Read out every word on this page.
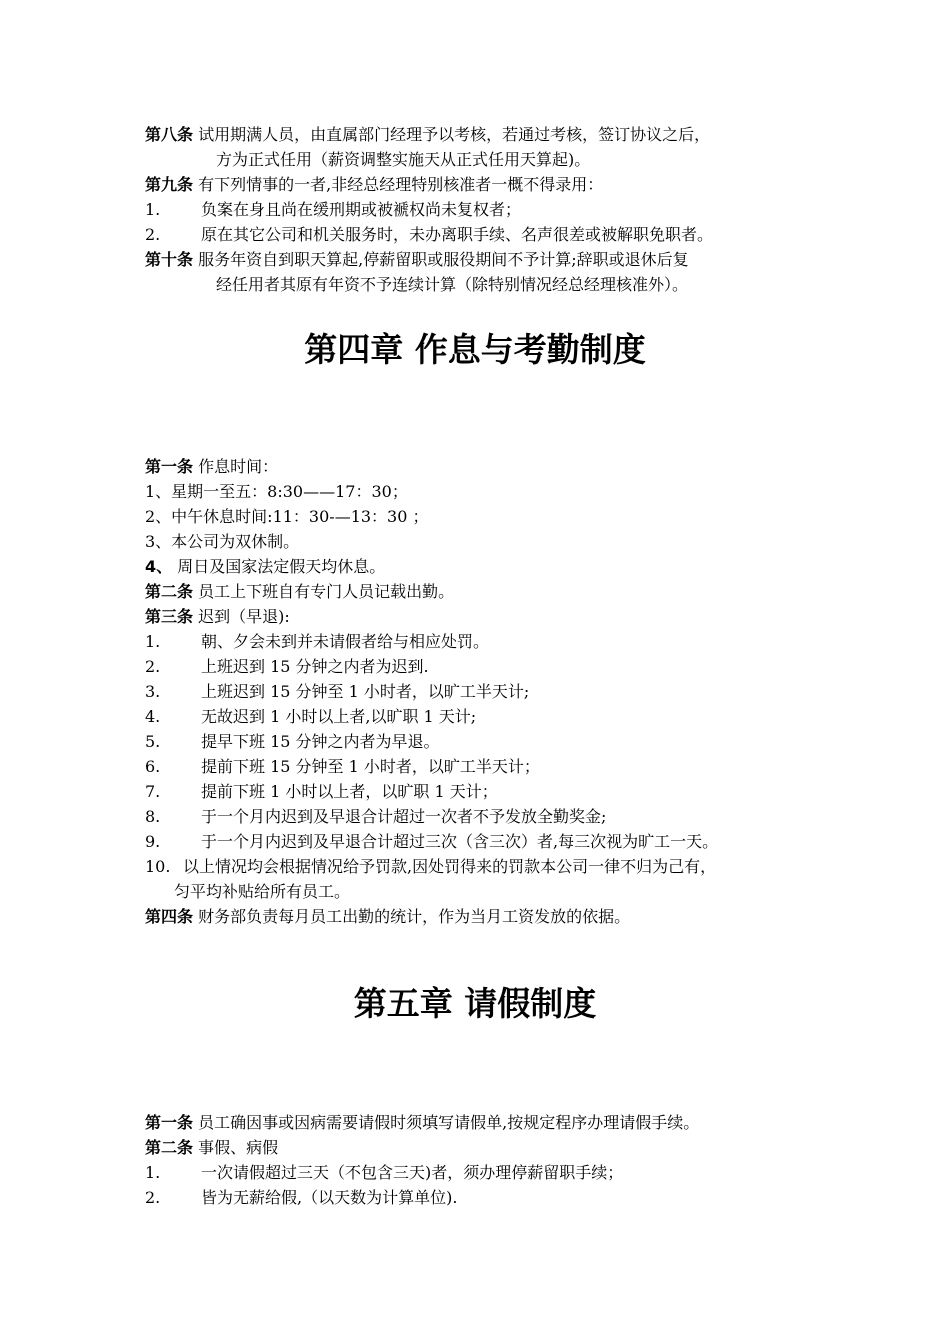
第八条 试用期满人员，由直属部门经理予以考核，若通过考核，签订协议之后，
方为正式任用（薪资调整实施天从正式任用天算起)。
第九条 有下列情事的一者,非经总经理特别核准者一概不得录用：
1.	负案在身且尚在缓刑期或被褫权尚未复权者；
2.	原在其它公司和机关服务时，未办离职手续、名声很差或被解职免职者。
第十条 服务年资自到职天算起,停薪留职或服役期间不予计算;辞职或退休后复
经任用者其原有年资不予连续计算（除特别情况经总经理核准外）。
第四章 作息与考勤制度
第一条 作息时间：
1、星期一至五：8:30——17：30；
2、中午休息时间:11：30-—13：30 ；
3、本公司为双休制。
4、 周日及国家法定假天均休息。
第二条 员工上下班自有专门人员记载出勤。
第三条 迟到（早退):
1.	朝、夕会未到并未请假者给与相应处罚。
2.	上班迟到 15 分钟之内者为迟到.
3.	上班迟到 15 分钟至 1 小时者，以旷工半天计;
4.	无故迟到 1 小时以上者,以旷职 1 天计;
5.	提早下班 15 分钟之内者为早退。
6.	提前下班 15 分钟至 1 小时者，以旷工半天计；
7.	提前下班 1 小时以上者，以旷职 1 天计；
8.	于一个月内迟到及早退合计超过一次者不予发放全勤奖金;
9.	于一个月内迟到及早退合计超过三次（含三次）者,每三次视为旷工一天。
10. 以上情况均会根据情况给予罚款,因处罚得来的罚款本公司一律不归为己有，
匀平均补贴给所有员工。
第四条 财务部负责每月员工出勤的统计，作为当月工资发放的依据。
第五章 请假制度
第一条 员工确因事或因病需要请假时须填写请假单,按规定程序办理请假手续。
第二条 事假、病假
1.	一次请假超过三天（不包含三天)者，须办理停薪留职手续；
2.	皆为无薪给假,（以天数为计算单位).
